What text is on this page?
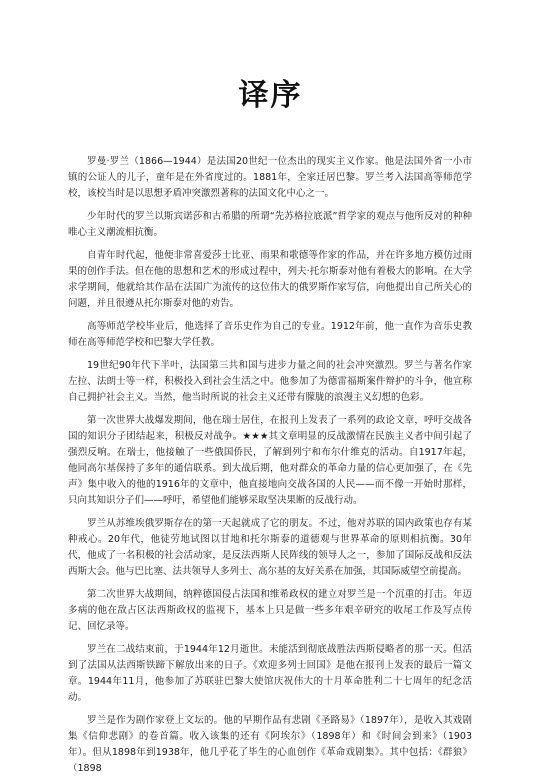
译序

罗曼·罗兰（1866—1944）是法国20世纪一位杰出的现实主义作家。他是法国外省一小市镇的公证人的儿子，童年是在外省度过的。1881年，全家迁居巴黎。罗兰考入法国高等师范学校，该校当时是以思想矛盾冲突激烈著称的法国文化中心之一。

少年时代的罗兰以斯宾诺莎和古希腊的所谓“先苏格拉底派”哲学家的观点与他所反对的种种唯心主义潮流相抗衡。

自青年时代起，他便非常喜爱莎士比亚、雨果和歌德等作家的作品，并在许多地方模仿过雨果的创作手法。但在他的思想和艺术的形成过程中，列夫·托尔斯泰对他有着极大的影响。在大学求学期间，他就给其作品在法国广为流传的这位伟大的俄罗斯作家写信，向他提出自己所关心的问题，并且很遵从托尔斯泰对他的劝告。

高等师范学校毕业后，他选择了音乐史作为自己的专业。1912年前，他一直作为音乐史教师在高等师范学校和巴黎大学任教。

19世纪90年代下半叶，法国第三共和国与进步力量之间的社会冲突激烈。罗兰与著名作家左拉、法朗士等一样，积极投入到社会生活之中。他参加了为德雷福斯案件辩护的斗争，他宣称自己拥护社会主义。当然，他当时所说的社会主义还带有朦胧的浪漫主义幻想的色彩。

第一次世界大战爆发期间，他在瑞士居住，在报刊上发表了一系列的政论文章，呼吁交战各国的知识分子团结起来，积极反对战争。★★★其文章明显的反战激情在民族主义者中间引起了强烈反响。在瑞士，他接触了一些俄国侨民，了解到列宁和布尔什维克的活动。自1917年起，他同高尔基保持了多年的通信联系。到大战后期，他对群众的革命力量的信心更加强了，在《先声》集中收入的他的1916年的文章中，他直接地向交战各国的人民——而不像一开始时那样，只向其知识分子们——呼吁，希望他们能够采取坚决果断的反战行动。

罗兰从苏维埃俄罗斯存在的第一天起就成了它的朋友。不过，他对苏联的国内政策也存有某种戒心。20年代，他徒劳地试图以甘地和托尔斯泰的道德观与世界革命的原则相抗衡。30年代，他成了一名积极的社会活动家，是反法西斯人民阵线的领导人之一，参加了国际反战和反法西斯大会。他与巴比塞、法共领导人多列士、高尔基的友好关系在加强，其国际威望空前提高。

第二次世界大战期间，纳粹德国侵占法国和维希政权的建立对罗兰是一个沉重的打击。年迈多病的他在敌占区法西斯政权的监视下，基本上只是做一些多年艰辛研究的收尾工作及写点传记、回忆录等。

罗兰在二战结束前，于1944年12月逝世。未能活到彻底战胜法西斯侵略者的那一天。但活到了法国从法西斯铁蹄下解放出来的日子。《欢迎多列士回国》是他在报刊上发表的最后一篇文章。1944年11月，他参加了苏联驻巴黎大使馆庆祝伟大的十月革命胜利二十七周年的纪念活动。

罗兰是作为剧作家登上文坛的。他的早期作品有悲剧《圣路易》（1897年），是收入其戏剧集《信仰悲剧》的卷首篇。收入该集的还有《阿埃尔》（1898年）和《时间会到来》（1903年）。但从1898年到1938年，他几乎花了毕生的心血创作《革命戏剧集》。其中包括：《群狼》（1898
